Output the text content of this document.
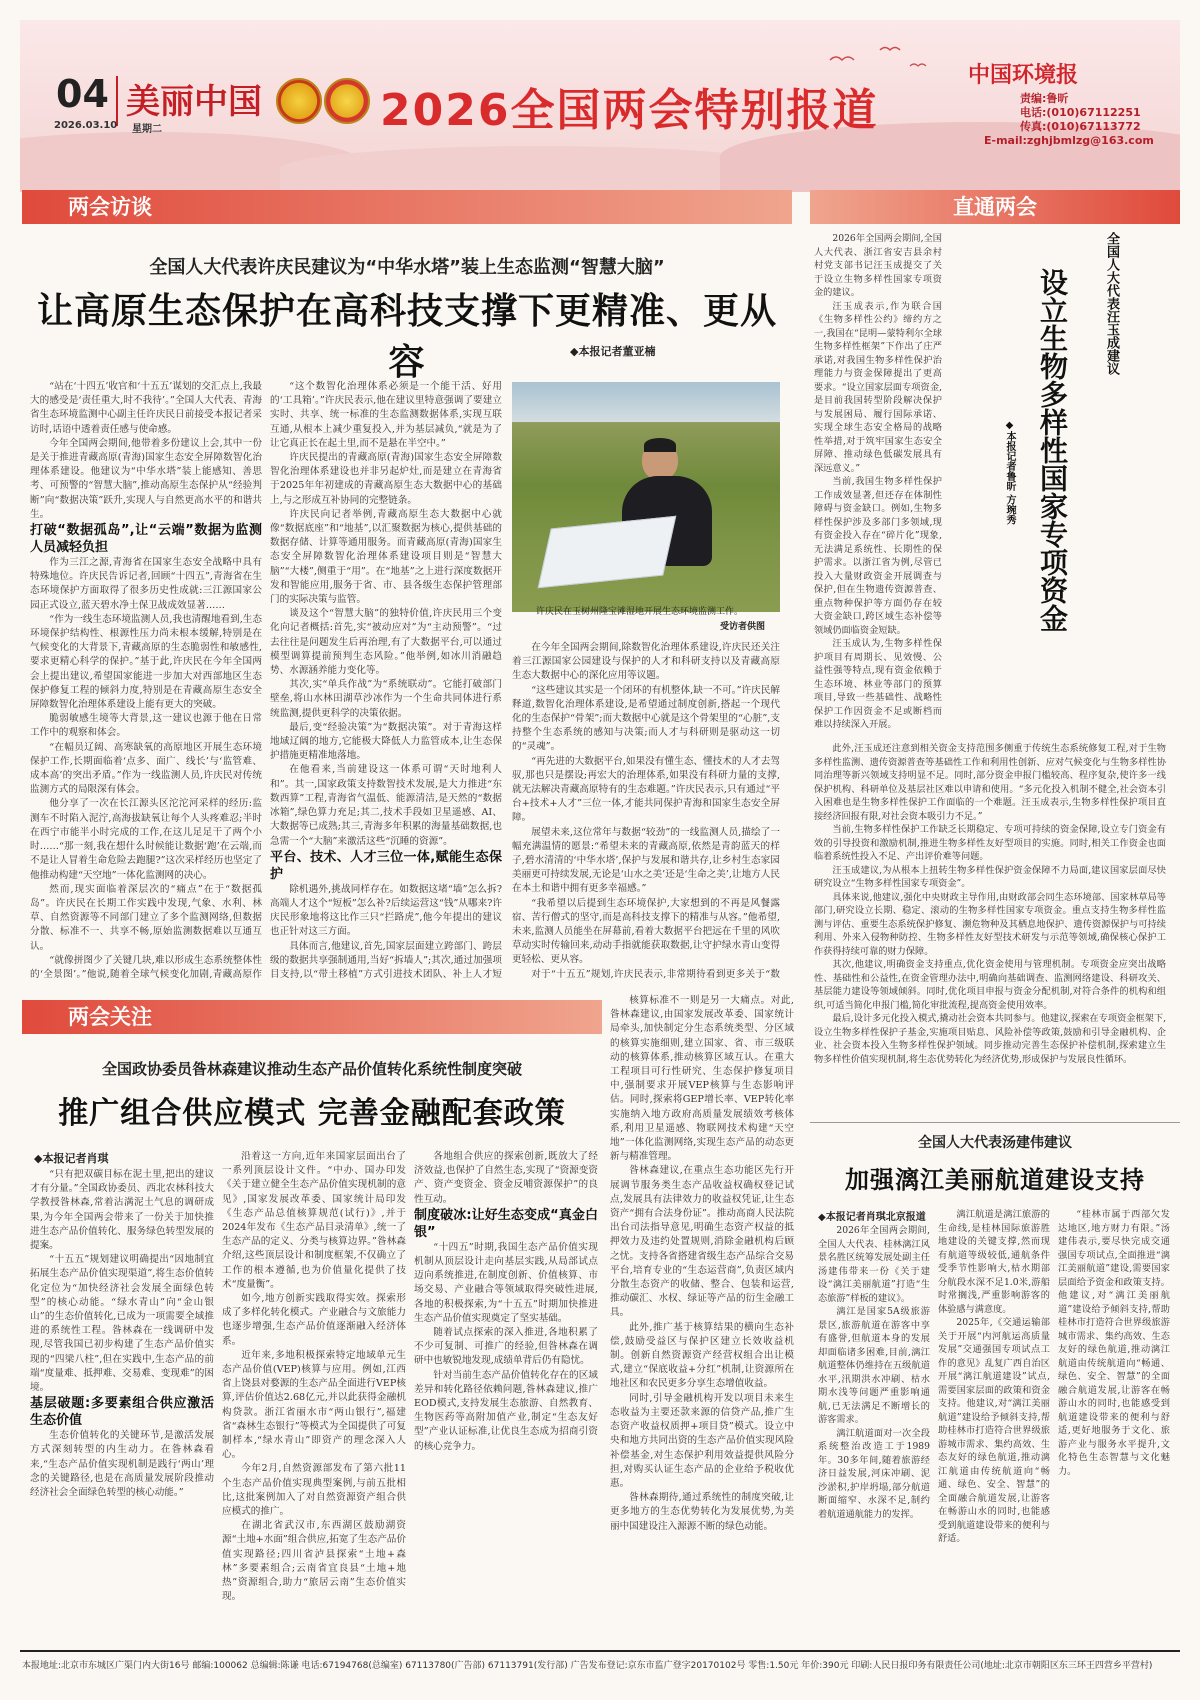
04 美丽中国
2026.03.10 星期二	2026全国两会特别报道
中国环境报
责编:鲁昕
电话:(010)67112251
传真:(010)67113772
E-mail:zghjbmlzg@163.com
两会访谈
全国人大代表许庆民建议为“中华水塔”装上生态监测“智慧大脑”
让高原生态保护在高科技支撑下更精准、更从容	◆本报记者董亚楠

“站在‘十四五’收官和‘十五五’谋划的交汇点上,我最大的感受是‘责任重大,时不我待’。”全国人大代表、青海省生态环境监测中心副主任许庆民日前接受本报记者采访时,话语中透着责任感与使命感。

今年全国两会期间,他带着多份建议上会,其中一份是关于推进青藏高原(青海)国家生态安全屏障数智化治理体系建设。他建议为“中华水塔”装上能感知、善思考、可预警的“智慧大脑”,推动高原生态保护从“经验判断”向“数据决策”跃升,实现人与自然更高水平的和谐共生。

打破“数据孤岛”,让“云端”数据为监测人员减轻负担

作为三江之源,青海省在国家生态安全战略中具有特殊地位。许庆民告诉记者,回顾“十四五”,青海省在生态环境保护方面取得了很多历史性成就:三江源国家公园正式设立,蓝天碧水净土保卫战成效显著……

“作为一线生态环境监测人员,我也清醒地看到,生态环境保护结构性、根源性压力尚未根本缓解,特别是在气候变化的大背景下,青藏高原的生态脆弱性和敏感性,要求更精心科学的保护。”基于此,许庆民在今年全国两会上提出建议,希望国家能进一步加大对西部地区生态保护修复工程的倾斜力度,特别是在青藏高原生态安全屏障数智化治理体系建设上能有更大的突破。

脆弱敏感生境等大背景,这一建议也源于他在日常工作中的观察和体会。

“在幅员辽阔、高寒缺氧的高原地区开展生态环境保护工作,长期面临着‘点多、面广、线长’与‘监管难、成本高’的突出矛盾。”作为一线监测人员,许庆民对传统监测方式的局限深有体会。

他分享了一次在长江源头区沱沱河采样的经历:监测车不时陷入泥泞,高海拔缺氧让每个人头疼难忍;半时在西宁市能半小时完成的工作,在这儿足足干了两个小时……“那一刻,我在想什么时候能让数据‘跑’在云端,而不是让人冒着生命危险去跑腿?”这次采样经历也坚定了他推动构建“天空地”一体化监测网的决心。

然而,现实面临着深层次的“痛点”在于“数据孤岛”。许庆民在长期工作实践中发现,气象、水利、林草、自然资源等不同部门建立了多个监测网络,但数据分散、标准不一、共享不畅,原始监测数据难以互通互认。

“就像拼图少了关键几块,难以形成生态系统整体性的‘全景图’。”他说,随着全球气候变化加剧,青藏高原作

“这个数智化治理体系必须是一个能干活、好用的‘工具箱’。”许庆民表示,他在建议里特意强调了要建立实时、共享、统一标准的生态监测数据体系,实现互联互通,从根本上减少重复投入,并为基层减负,“就是为了让它真正长在起土里,而不是悬在半空中。”

许庆民提出的青藏高原(青海)国家生态安全屏障数智化治理体系建设也并非另起炉灶,而是建立在青海省于2025年年初建成的青藏高原生态大数据中心的基础上,与之形成互补协同的完整链条。

许庆民向记者举例,青藏高原生态大数据中心就像“数据底座”和“地基”,以汇聚数据为核心,提供基础的数据存储、计算等通用服务。而青藏高原(青海)国家生态安全屏障数智化治理体系建设项目则是“智慧大脑”“大楼”,侧重于“用”。在“地基”之上进行深度数据开发和智能应用,服务于省、市、县各级生态保护管理部门的实际决策与监管。

谈及这个“智慧大脑”的独特价值,许庆民用三个变化向记者概括:首先,实“被动应对”为“主动预警”。“过去往往是问题发生后再治理,有了大数据平台,可以通过模型调算提前预判生态风险。”他举例,如冰川消融趋势、水源涵养能力变化等。

其次,实“单兵作战”为“系统联动”。它能打破部门壁垒,将山水林田湖草沙冰作为一个生命共同体进行系统监测,提供更科学的决策依据。

最后,变“经验决策”为“数据决策”。对于青海这样地域辽阔的地方,它能极大降低人力监管成本,让生态保护措施更精准地落地。

在他看来,当前建设这一体系可谓“天时地利人和”。其一,国家政策支持数智技术发展,是大力推进“东数西算”工程,青海省气温低、能源清洁,是天然的“数据冰箱”,绿色算力充足;其二,技术手段如卫星遥感、AI、大数据等已成熟;其三,青海多年积累的海量基础数据,也急需一个“大脑”来激活这些“沉睡的资源”。

平台、技术、人才三位一体,赋能生态保护

除机遇外,挑战同样存在。如数据这堵“墙”怎么拆?高端人才这个“短板”怎么补?后续运营这“钱”从哪来?许庆民形象地将这比作三只“拦路虎”,他今年提出的建议也正针对这三方面。

具体而言,他建议,首先,国家层面建立跨部门、跨层级的数据共享强制通用,当好“拆墙人”;其次,通过加强项目支持,以“带土移植”方式引进技术团队、补上人才短

许庆民在玉树州隆宝滩湿地开展生态环境监测工作。
受访者供图

在今年全国两会期间,除数智化治理体系建设,许庆民还关注着三江源国家公园建设与保护的人才和科研支持以及青藏高原生态大数据中心的深化应用等议题。

“这些建议其实是一个闭环的有机整体,缺一不可。”许庆民解释道,数智化治理体系建设,是希望通过制度创新,搭起一个现代化的生态保护“骨架”;而大数据中心就是这个骨架里的“心脏”,支持整个生态系统的感知与决策;而人才与科研则是驱动这一切的“灵魂”。

“再先进的大数据平台,如果没有懂生态、懂技术的人才去驾驭,那也只是摆设;再宏大的治理体系,如果没有科研力量的支撑,就无法解决青藏高原特有的生态难题。”许庆民表示,只有通过“平台+技术+人才”三位一体,才能共同保护青海和国家生态安全屏障。

展望未来,这位常年与数据“较劲”的一线监测人员,描绘了一幅充满温情的愿景:“希望未来的青藏高原,依然是青韵蓝天的样子,碧水清清的‘中华水塔’,保护与发展和谐共存,让乡村生态家园美丽更可持续发展,无论是‘山水之美’还是‘生命之美’,让地方人民在本土和谐中拥有更多幸福感。”

“我希望以后提到生态环境保护,大家想到的不再是风餐露宿、苦行僧式的坚守,而是高科技支撑下的精准与从容。”他希望,未来,监测人员能坐在屏幕前,看着大数据平台把远在千里的风吹草动实时传输回来,动动手指就能获取数据,让守护绿水青山变得更轻松、更从容。

对于“十五五”规划,许庆民表示,非常期待看到更多关于“数

直通两会
全国人大代表汪玉成建议
设立生物多样性国家专项资金
◆本报记者鲁昕 方琬秀

2026年全国两会期间,全国人大代表、浙江省安吉县余村村党支部书记汪玉成提交了关于设立生物多样性国家专项资金的建议。

汪玉成表示,作为联合国《生物多样性公约》缔约方之一,我国在“昆明—蒙特利尔全球生物多样性框架”下作出了庄严承诺,对我国生物多样性保护治理能力与资金保障提出了更高要求。“设立国家层面专项资金,是目前我国转型阶段解决保护与发展困局、履行国际承诺、实现全球生态安全格局的战略性举措,对于筑牢国家生态安全屏障、推动绿色低碳发展具有深远意义。”

当前,我国生物多样性保护工作成效显著,但还存在体制性障碍与资金缺口。例如,生物多样性保护涉及多部门多领域,现有资金投入存在“碎片化”现象,无法满足系统性、长期性的保护需求。以浙江省为例,尽管已投入大量财政资金开展调查与保护,但在生物遗传资源普查、重点物种保护等方面仍存在较大资金缺口,跨区域生态补偿等领域仍面临资金短缺。

汪玉成认为,生物多样性保护项目有周期长、见效慢、公益性强等特点,现有资金依赖于生态环境、林业等部门的预算项目,导致一些基础性、战略性保护工作因资金不足或断档而难以持续深入开展。

此外,汪玉成还注意到相关资金支持范围多侧重于传统生态系统修复工程,对于生物多样性监测、遗传资源普查等基础性工作和利用性创新、应对气候变化与生物多样性协同治理等新兴领域支持明显不足。同时,部分资金申报门槛较高、程序复杂,使许多一线保护机构、科研单位及基层社区难以申请和使用。“多元化投入机制不健全,社会资本引入困难也是生物多样性保护工作面临的一个难题。汪玉成表示,生物多样性保护项目直接经济回报有限,对社会资本吸引力不足。”

当前,生物多样性保护工作缺乏长期稳定、专项可持续的资金保障,设立专门资金有效的引导投资和激励机制,推进生物多样性友好型项目的实施。同时,相关工作资金也面临着系统性投入不足、产出评价难等问题。

汪玉成建议,为从根本上扭转生物多样性保护资金保障不力局面,建议国家层面尽快研究设立“生物多样性国家专项资金”。

具体来说,他建议,强化中央财政主导作用,由财政部会同生态环境部、国家林草局等部门,研究设立长期、稳定、滚动的生物多样性国家专项资金。重点支持生物多样性监测与评估、重要生态系统保护修复、濒危物种及其栖息地保护、遗传资源保护与可持续利用、外来入侵物种防控、生物多样性友好型技术研发与示范等领域,确保核心保护工作获得持续可靠的财力保障。

其次,他建议,明确资金支持重点,优化资金使用与管理机制。专项资金应突出战略性、基础性和公益性,在资金管理办法中,明确向基础调查、监测网络建设、科研攻关、基层能力建设等领域倾斜。同时,优化项目申报与资金分配机制,对符合条件的机构和组织,可适当简化申报门槛,简化审批流程,提高资金使用效率。

最后,设计多元化投入模式,撬动社会资本共同参与。他建议,探索在专项资金框架下,设立生物多样性保护子基金,实施项目贴息、风险补偿等政策,鼓励和引导金融机构、企业、社会资本投入生物多样性保护领域。同步推动完善生态保护补偿机制,探索建立生物多样性价值实现机制,将生态优势转化为经济优势,形成保护与发展良性循环。

两会关注
全国政协委员昝林森建议推动生态产品价值转化系统性制度突破
推广组合供应模式 完善金融配套政策
◆本报记者肖琪

“只有把双碳目标在泥土里,把出的建议才有分量。”全国政协委员、西北农林科技大学教授昝林森,常着沾满泥土气息的调研成果,为今年全国两会带来了一份关于加快推进生态产品价值转化、服务绿色转型发展的提案。

“十五五”规划建议明确提出“因地制宜拓展生态产品价值实现渠道”,将生态价值转化定位为“加快经济社会发展全面绿色转型”的核心动能。“绿水青山”向“金山银山”的生态价值转化,已成为一项需要全域推进的系统性工程。昝林森在一线调研中发现,尽管我国已初步构建了生态产品价值实现的“四梁八柱”,但在实践中,生态产品的前端“度量难、抵押难、交易难、变现难”的困境。

基层破题:多要素组合供应激活生态价值

生态价值转化的关键环节,是激活发展方式深刻转型的内生动力。在昝林森看来,“生态产品价值实现机制是践行‘两山’理念的关键路径,也是在高质量发展阶段推动经济社会全面绿色转型的核心动能。”

沿着这一方向,近年来国家层面出台了一系列顶层设计文件。“中办、国办印发《关于建立健全生态产品价值实现机制的意见》,国家发展改革委、国家统计局印发《生态产品总值核算规范(试行)》,并于2024年发布《生态产品目录清单》,统一了生态产品的定义、分类与核算边界。”昝林森介绍,这些顶层设计和制度框架,不仅确立了工作的根本遵循,也为价值量化提供了技术“度量衡”。

如今,地方创新实践取得实效。探索形成了多样化转化模式。产业融合与文旅能力也逐步增强,生态产品价值逐渐融入经济体系。

近年来,多地积极探索特定地域单元生态产品价值(VEP)核算与应用。例如,江西省上饶县对婺源的生态产品全面进行VEP核算,评估价值达2.68亿元,并以此获得金融机构贷款。浙江省丽水市“两山银行”,福建省“森林生态银行”等模式为全国提供了可复制样本,“绿水青山”即资产的理念深入人心。

今年2月,自然资源部发布了第六批11个生态产品价值实现典型案例,与前五批相比,这批案例加入了对自然资源资产组合供应模式的推广。

在湖北省武汉市,东西湖区鼓励湖资源“土地+水面”组合供应,拓宽了生态产品价值实现路径;四川省泸县探索“土地+森林”多要素组合;云南省宜良县“土地+地热”资源组合,助力“旅居云南”生态价值实现。

各地组合供应的探索创新,既放大了经济效益,也保护了自然生态,实现了“资源变资产、资产变资金、资金反哺资源保护”的良性互动。

制度破冰:让好生态变成“真金白银”

“十四五”时期,我国生态产品价值实现机制从顶层设计走向基层实践,从局部试点迈向系统推进,在制度创新、价值核算、市场交易、产业融合等领域取得突破性进展,各地的积极探索,为“十五五”时期加快推进生态产品价值实现奠定了坚实基础。

随着试点探索的深入推进,各地积累了不少可复制、可推广的经验,但昝林森在调研中也敏锐地发现,成绩单背后仍有隐忧。

针对当前生态产品价值转化存在的区域差异和转化路径依赖问题,昝林森建议,推广EOD模式,支持发展生态旅游、自然教育、生物医药等高附加值产业,制定“生态友好型”产业认证标准,让优良生态成为招商引资的核心竞争力。

核算标准不一则是另一大痛点。对此,昝林森建议,由国家发展改革委、国家统计局牵头,加快制定分生态系统类型、分区域的核算实施细则,建立国家、省、市三级联动的核算体系,推动核算区域互认。在重大工程项目可行性研究、生态保护修复项目中,强制要求开展VEP核算与生态影响评估。同时,探索将GEP增长率、VEP转化率实施纳入地方政府高质量发展绩效考核体系,利用卫星遥感、物联网技术构建“天空地”一体化监测网络,实现生态产品的动态更新与精准管理。

昝林森建议,在重点生态功能区先行开展调节服务类生态产品收益权确权登记试点,发展具有法律效力的收益权凭证,让生态资产“拥有合法身份证”。推动高商人民法院出台司法指导意见,明确生态资产权益的抵押效力及违约处置规则,消除金融机构后顾之忧。支持各省搭建省级生态产品综合交易平台,培育专业的“生态运营商”,负责区域内分散生态资产的收储、整合、包装和运营,推动碳汇、水权、绿证等产品的衍生金融工具。

此外,推广基于核算结果的横向生态补偿,鼓励受益区与保护区建立长效收益机制。创新自然资源资产经营权组合出让模式,建立“保底收益+分红”机制,让资源所在地社区和农民更多分享生态增值收益。

同时,引导金融机构开发以项目未来生态收益为主要还款来源的信贷产品,推广生态资产收益权质押+项目贷”模式。设立中央和地方共同出资的生态产品价值实现风险补偿基金,对生态保护利用效益提供风险分担,对购买认证生态产品的企业给予税收优惠。

昝林森期待,通过系统性的制度突破,让更多地方的生态优势转化为发展优势,为美丽中国建设注入源源不断的绿色动能。

全国人大代表汤建伟建议
加强漓江美丽航道建设支持
◆本报记者肖琪北京报道

2026年全国两会期间,全国人大代表、桂林漓江风景名胜区统筹发展处副主任汤建伟带来一份《关于建设“漓江美丽航道”打造“生态旅游”样板的建议》。

漓江是国家5A级旅游景区,旅游航道在游客中享有盛誉,但航道本身的发展却面临诸多困难,目前,漓江航道整体仍维持在五级航道水平,汛期洪水冲刷、枯水期水浅等问题严重影响通航,已无法满足不断增长的游客需求。

漓江航道面对一次全段系统整治改造工于1989年。30多年间,随着旅游经济日益发展,河床冲刷、泥沙淤积,护岸坍塌,部分航道断面缩窄、水深不足,制约着航道通航能力的发挥。

漓江航道是漓江旅游的生命线,是桂林国际旅游胜地建设的关键支撑,然而现有航道等级较低,通航条件受季节性影响大,枯水期部分航段水深不足1.0米,游船时常搁浅,严重影响游客的体验感与满意度。

2025年,《交通运输部关于开展“内河航运高质量发展”交通强国专项试点工作的意见》乱复广西自治区开展“漓江航道建设”试点,需要国家层面的政策和资金支持。他建议,对“漓江美丽航道”建设给予倾斜支持,帮助桂林市打造符合世界级旅游城市需求、集约高效、生态友好的绿色航道,推动漓江航道由传统航道向“畅通、绿色、安全、智慧”的全面融合航道发展,让游客在畅游山水的同时,也能感受到航道建设带来的便利与舒适。

“桂林市属于西部欠发达地区,地方财力有限。”汤建伟表示,要尽快完成交通强国专项试点,全面推进“漓江美丽航道”建设,需要国家层面给予资金和政策支持。他建议,对“漓江美丽航道”建设给予倾斜支持,帮助桂林市打造符合世界级旅游城市需求、集约高效、生态友好的绿色航道,推动漓江航道由传统航道向“畅通、绿色、安全、智慧”的全面融合航道发展,让游客在畅游山水的同时,也能感受到航道建设带来的便利与舒适,更好地服务于文化、旅游产业与服务水平提升,文化特色生态智慧与文化魅力。

本报地址:北京市东城区广渠门内大街16号 邮编:100062 总编辑:陈谦 电话:67194768(总编室) 67113780(广告部) 67113791(发行部) 广告发布登记:京东市监广登字20170102号 零售:1.50元 年价:390元 印刷:人民日报印务有限责任公司(地址:北京市朝阳区东三环王四营乡平营村)
